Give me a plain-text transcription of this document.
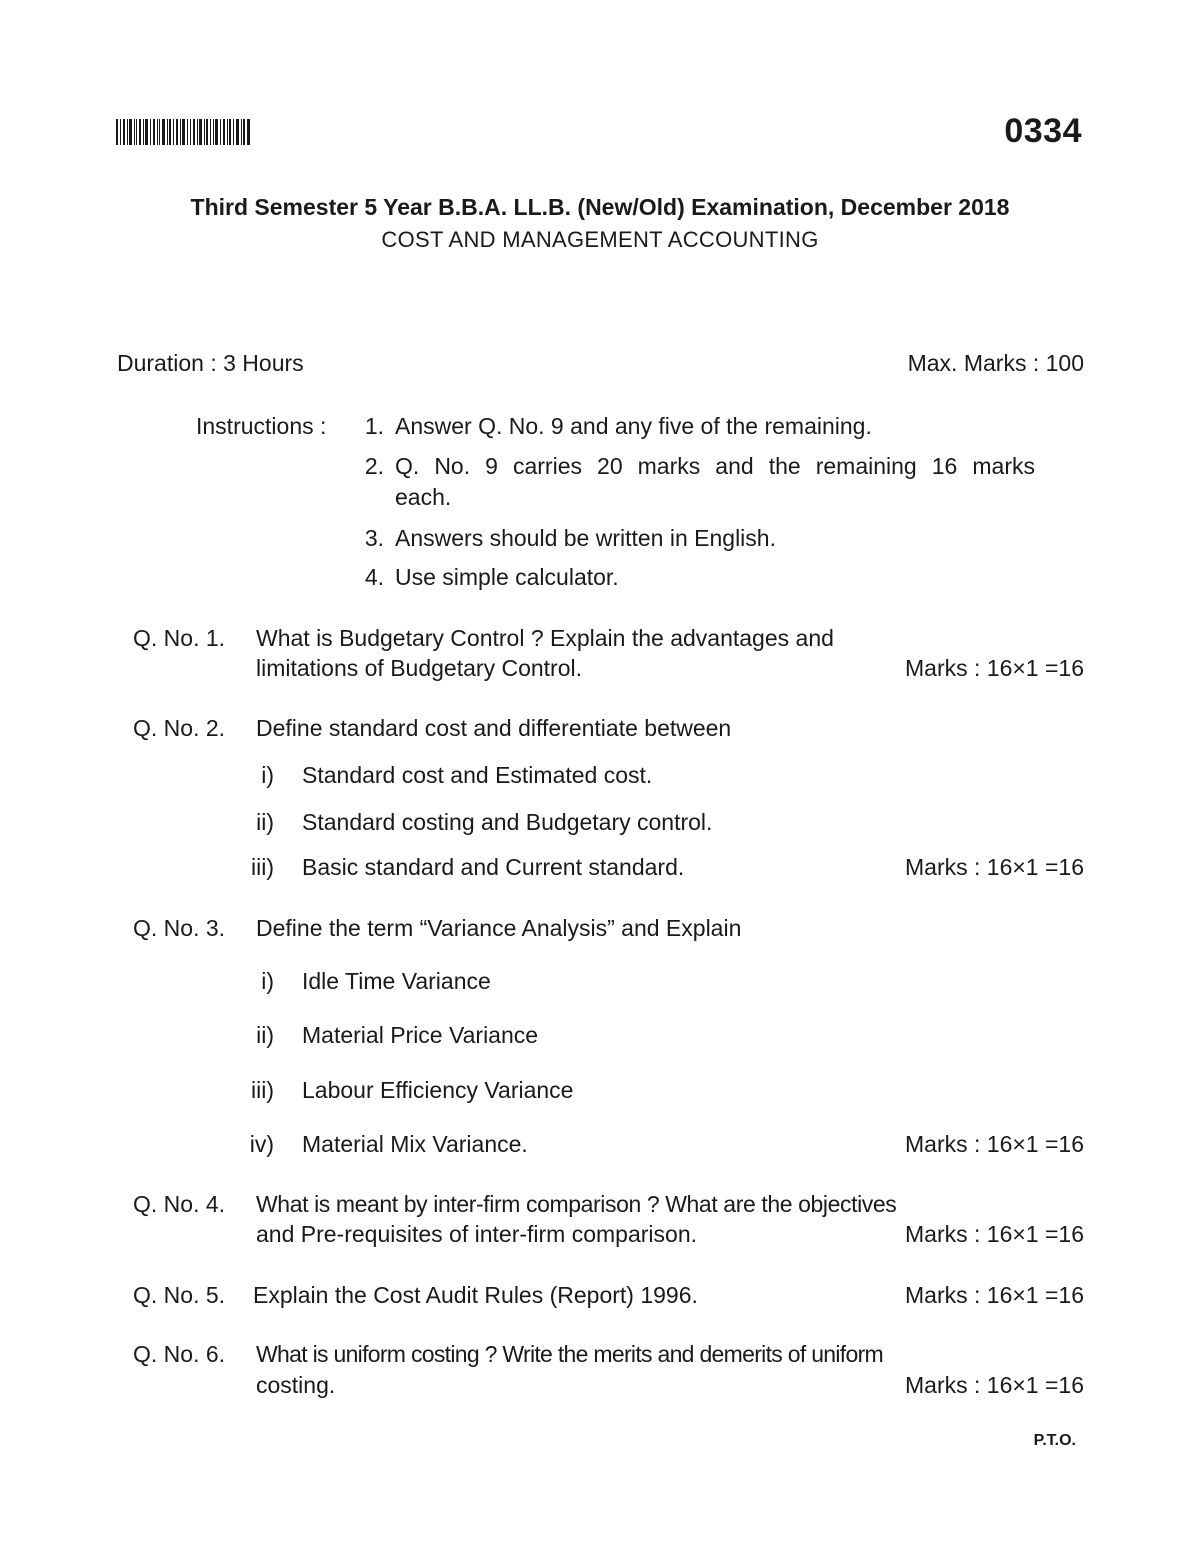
0334
Third Semester 5 Year B.B.A. LL.B. (New/Old) Examination, December 2018
COST AND MANAGEMENT ACCOUNTING
Duration : 3 Hours	Max. Marks : 100
Instructions : 1. Answer Q. No. 9 and any five of the remaining.
2. Q. No. 9 carries 20 marks and the remaining 16 marks
each.
3. Answers should be written in English.
4. Use simple calculator.
Q. No. 1. What is Budgetary Control ? Explain the advantages and
limitations of Budgetary Control.	Marks : 16×1 =16
Q. No. 2. Define standard cost and differentiate between
i) Standard cost and Estimated cost.
ii) Standard costing and Budgetary control.
iii) Basic standard and Current standard.	Marks : 16×1 =16
Q. No. 3. Define the term “Variance Analysis” and Explain
i) Idle Time Variance
ii) Material Price Variance
iii) Labour Efficiency Variance
iv) Material Mix Variance.	Marks : 16×1 =16
Q. No. 4. What is meant by inter-firm comparison ? What are the objectives
and Pre-requisites of inter-firm comparison.	Marks : 16×1 =16
Q. No. 5. Explain the Cost Audit Rules (Report) 1996.	Marks : 16×1 =16
Q. No. 6. What is uniform costing ? Write the merits and demerits of uniform
costing.	Marks : 16×1 =16
P.T.O.
